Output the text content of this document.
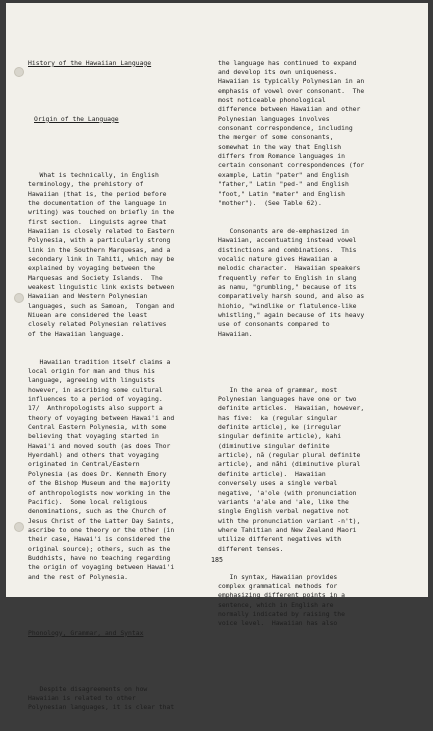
History of the Hawaiian Language

Origin of the Language

What is technically, in English
terminology, the prehistory of
Hawaiian (that is, the period before
the documentation of the language in
writing) was touched on briefly in the
first section.  Linguists agree that
Hawaiian is closely related to Eastern
Polynesia, with a particularly strong
link in the Southern Marquesas, and a
secondary link in Tahiti, which may be
explained by voyaging between the
Marquesas and Society Islands.  The
weakest linguistic link exists between
Hawaiian and Western Polynesian
languages, such as Samoan,  Tongan and
Niuean are considered the least
closely related Polynesian relatives
of the Hawaiian language.

Hawaiian tradition itself claims a
local origin for man and thus his
language, agreeing with linguists
however, in ascribing some cultural
influences to a period of voyaging.
17/  Anthropologists also support a
theory of voyaging between Hawai'i and
Central Eastern Polynesia, with some
believing that voyaging started in
Hawai'i and moved south (as does Thor
Hyerdahl) and others that voyaging
originated in Central/Eastern
Polynesia (as does Dr. Kenneth Emory
of the Bishop Museum and the majority
of anthropologists now working in the
Pacific).  Some local religious
denominations, such as the Church of
Jesus Christ of the Latter Day Saints,
ascribe to one theory or the other (in
their case, Hawai'i is considered the
original source); others, such as the
Buddhists, have no teaching regarding
the origin of voyaging between Hawai'i
and the rest of Polynesia.

Phonology, Grammar, and Syntax

Despite disagreements on how
Hawaiian is related to other
Polynesian languages, it is clear that

the language has continued to expand
and develop its own uniqueness.
Hawaiian is typically Polynesian in an
emphasis of vowel over consonant.  The
most noticeable phonological
difference between Hawaiian and other
Polynesian languages involves
consonant correspondence, including
the merger of some consonants,
somewhat in the way that English
differs from Romance languages in
certain consonant correspondences (for
example, Latin "pater" and English
"father," Latin "ped-" and English
"foot," Latin "mater" and English
"mother").  (See Table 62).

Consonants are de-emphasized in
Hawaiian, accentuating instead vowel
distinctions and combinations.  This
vocalic nature gives Hawaiian a
melodic character.  Hawaiian speakers
frequently refer to English in slang
as namu, "grumbling," because of its
comparatively harsh sound, and also as
hiohio, "windlike or flatulence-like
whistling," again because of its heavy
use of consonants compared to
Hawaiian.

In the area of grammar, most
Polynesian languages have one or two
definite articles.  Hawaiian, however,
has five:  ka (regular singular
definite article), ke (irregular
singular definite article), kahi
(diminutive singular definite
article), nā (regular plural definite
article), and nāhi (diminutive plural
definite article).  Hawaiian
conversely uses a single verbal
negative, 'a'ole (with pronunciation
variants 'a'ale and 'ale, like the
single English verbal negative not
with the pronunciation variant -n't),
where Tahitian and New Zealand Maori
utilize different negatives with
different tenses.

In syntax, Hawaiian provides
complex grammatical methods for
emphasizing different points in a
sentence, which in English are
normally indicated by raising the
voice level.  Hawaiian has also

185
